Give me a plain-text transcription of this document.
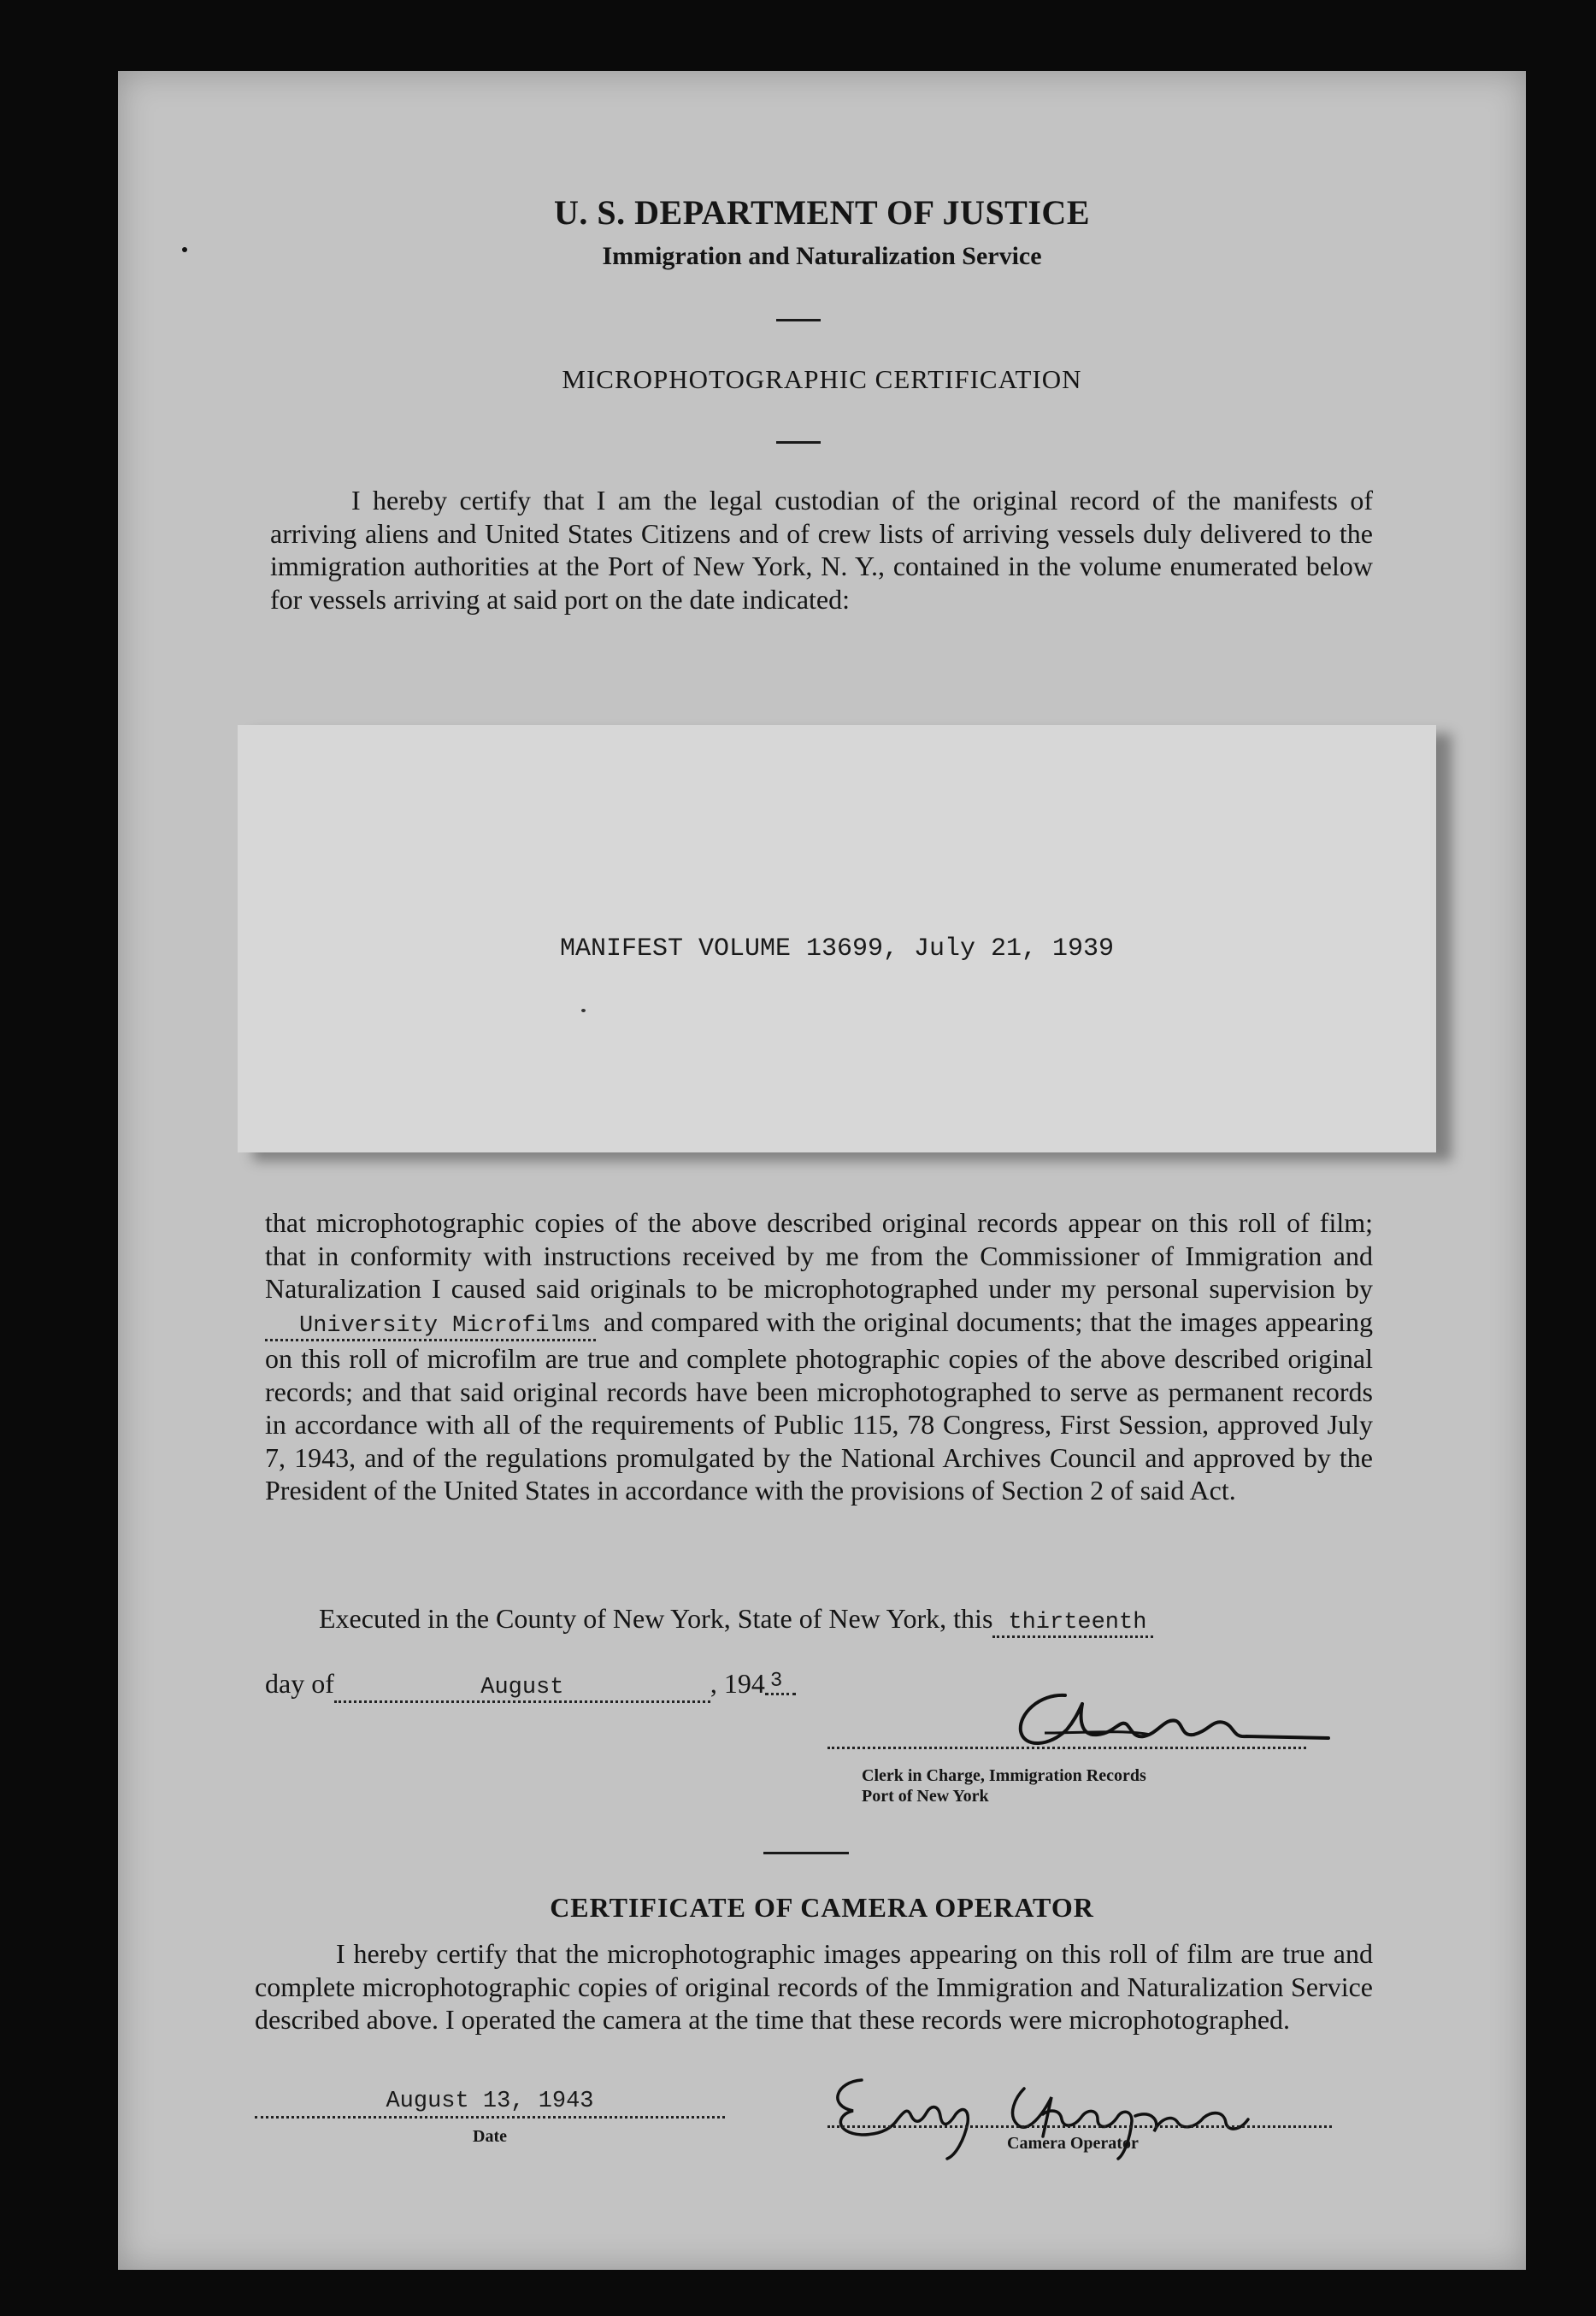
U. S. DEPARTMENT OF JUSTICE
Immigration and Naturalization Service
MICROPHOTOGRAPHIC CERTIFICATION

I hereby certify that I am the legal custodian of the original record of the manifests of arriving aliens and United States Citizens and of crew lists of arriving vessels duly delivered to the immigration authorities at the Port of New York, N. Y., contained in the volume enumerated below for vessels arriving at said port on the date indicated:

MANIFEST VOLUME 13699, July 21, 1939
that microphotographic copies of the above described original records appear on this roll of film; that in conformity with instructions received by me from the Commissioner of Immigration and Naturalization I caused said originals to be microphotographed under my personal supervision by University Microfilms and compared with the original documents; that the images appearing on this roll of microfilm are true and complete photographic copies of the above described original records; and that said original records have been microphotographed to serve as permanent records in accordance with all of the requirements of Public 115, 78 Congress, First Session, approved July 7, 1943, and of the regulations promulgated by the National Archives Council and approved by the President of the United States in accordance with the provisions of Section 2 of said Act.
Executed in the County of New York, State of New York, this thirteenth
day of	August	, 194 $^3$
Clerk in Charge, Immigration Records
Port of New York
CERTIFICATE OF CAMERA OPERATOR

I hereby certify that the microphotographic images appearing on this roll of film are true and complete microphotographic copies of original records of the Immigration and Naturalization Service described above. I operated the camera at the time that these records were microphotographed.

August 13, 1943
Date	Camera Operator
